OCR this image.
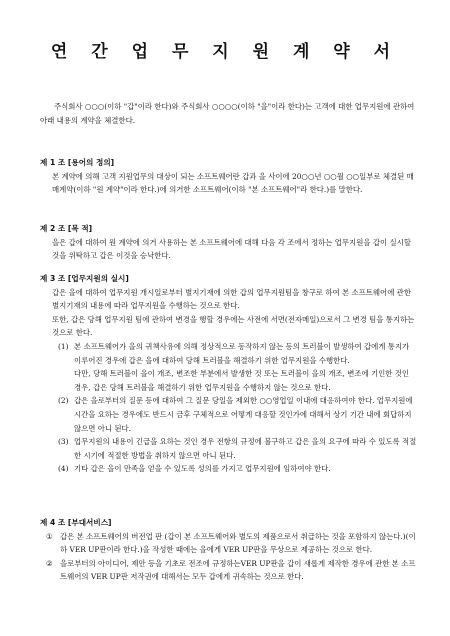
연 간 업 무 지 원 계 약 서
주식회사 ○○○(이하 "갑"이라 한다)와 주식회사 ○○○○(이하 "을"이라 한다)는 고객에 대한 업무지원에 관하여 아래 내용의 계약을 체결한다.
제 1 조 [용어의 정의]
본 계약에 의해 고객 지원업무의 대상이 되는 소프트웨어란 갑과 을 사이에 20○○년 ○○월 ○○일부로 체결된 매매계약(이하 "원 계약"이라 한다.)에 의거한 소프트웨어(이하 "본 소프트웨어"라 한다.)를 말한다.
제 2 조 [목 적]
을은 갑에 대하여 원 계약에 의거 사용하는 본 소프트웨어에 대해 다음 각 조에서 정하는 업무지원을 갑이 실시할 것을 위탁하고 갑은 이것을 승낙한다.
제 3 조 [업무지원의 실시]
갑은 을에 대하여 업무지원 개시일로부터 별지기재에 의한 갑의 업무지원팀을 창구로 하여 본 소프트웨어에 관한 별지기재의 내용에 따라 업무지원을 수행하는 것으로 한다.
또한, 갑은 당해 업무지원 팀에 관하여 변경을 행할 경우에는 사전에 서면(전자메일)으로서 그 변경 팀을 통지하는 것으로 한다.
(1) 본 소프트웨어가 을의 귀책사유에 의해 정상적으로 동작하지 않는 등의 트러블이 발생하여 갑에게 통지가 이루어진 경우에 갑은 을에 대하여 당해 트러블을 해결하기 위한 업무지원을 수행한다.
다만, 당해 트러블이 을이 개조, 변조한 부분에서 발생한 것 또는 트러블이 을의 개조, 변조에 기인한 것인 경우, 갑은 당해 트러블을 해결하기 위한 업무지원을 수행하지 않는 것으로 한다.
(2) 갑은 을로부터의 질문 등에 대하여 그 질문 당일을 제외한 ○○영업일 이내에 대응하여야 한다. 업무지원에 시간을 요하는 경우에도 반드시 금후 구체적으로 어떻게 대응할 것인가에 대해서 상기 기간 내에 회답하지 않으면 아니 된다.
(3) 업무지원의 내용이 긴급을 요하는 것인 경우 전항의 규정에 불구하고 갑은 을의 요구에 따라 수 있도록 적절한 시기에 적절한 방법을 취하지 않으면 아니 된다.
(4) 기타 갑은 을이 만족을 얻을 수 있도록 성의를 가지고 업무지원에 임하여야 한다.
제 4 조 [부대서비스]
① 갑은 본 소프트웨어의 버전업 판 (갑이 본 소프트웨어와 별도의 제품으로서 취급하는 것을 포함하지 않는다.)(이하 VER UP판이라 한다.)을 작성한 때에는 을에게 VER UP판을 무상으로 제공하는 것으로 한다.
② 을로부터의 아이디어, 제안 등을 기초로 전조에 규정하는VER UP판을 갑이 새롭게 제작한 경우에 관한 본 소프트웨어의 VER UP판 저작권에 대해서는 모두 갑에게 귀속하는 것으로 한다.
